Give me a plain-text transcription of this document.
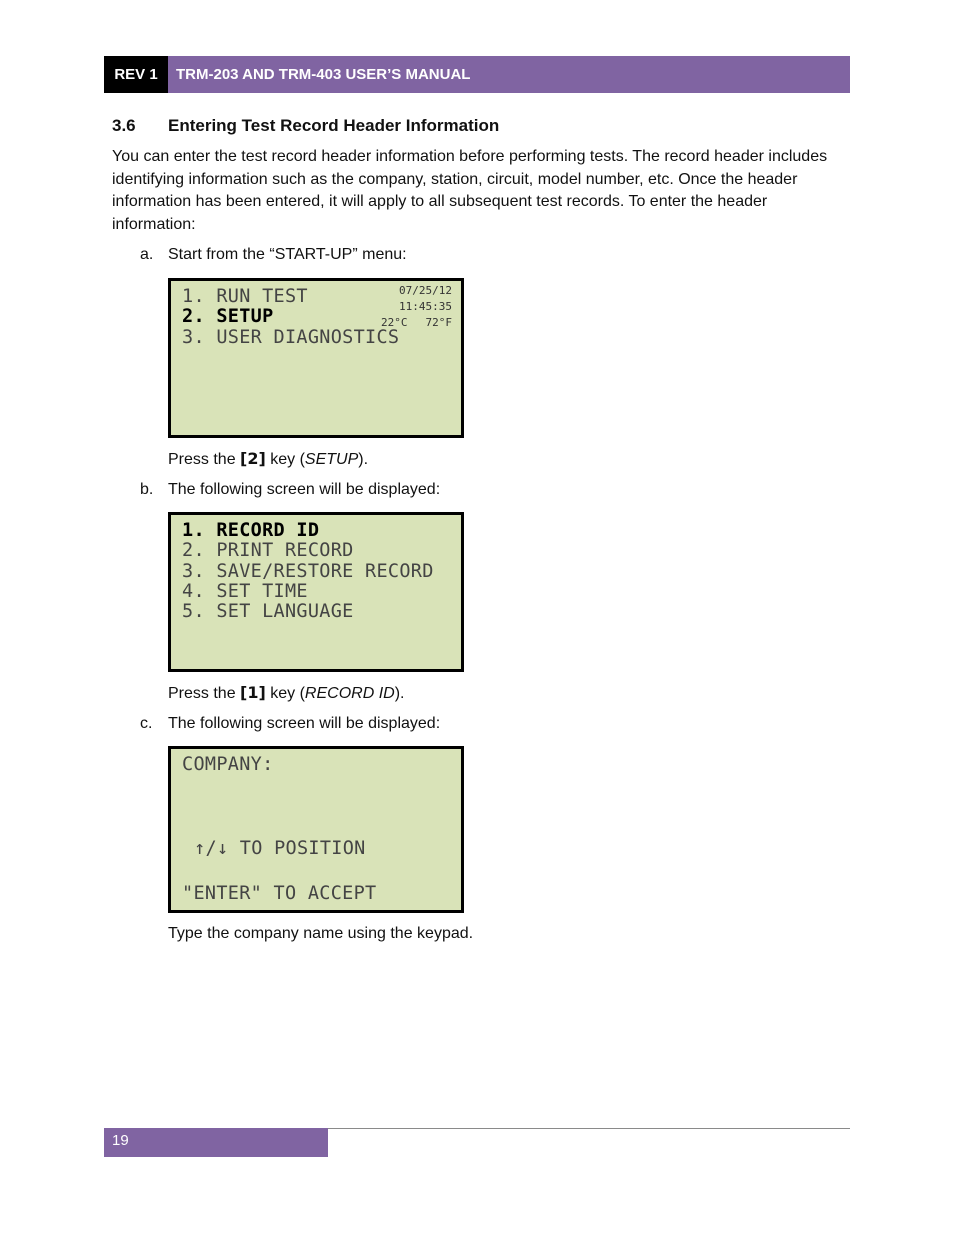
REV 1	TRM-203 AND TRM-403 USER’S MANUAL
3.6 Entering Test Record Header Information
You can enter the test record header information before performing tests. The record header includes identifying information such as the company, station, circuit, model number, etc. Once the header information has been entered, it will apply to all subsequent test records. To enter the header information:
a. Start from the “START-UP” menu:
1. RUN TEST
2. SETUP
3. USER DIAGNOSTICS
07/25/12
11:45:35
22°C 72°F
Press the [2] key (SETUP).
b. The following screen will be displayed:
1. RECORD ID
2. PRINT RECORD
3. SAVE/RESTORE RECORD
4. SET TIME
5. SET LANGUAGE
Press the [1] key (RECORD ID).
c. The following screen will be displayed:
COMPANY:
↑/↓ TO POSITION
"ENTER" TO ACCEPT
Type the company name using the keypad.
19
